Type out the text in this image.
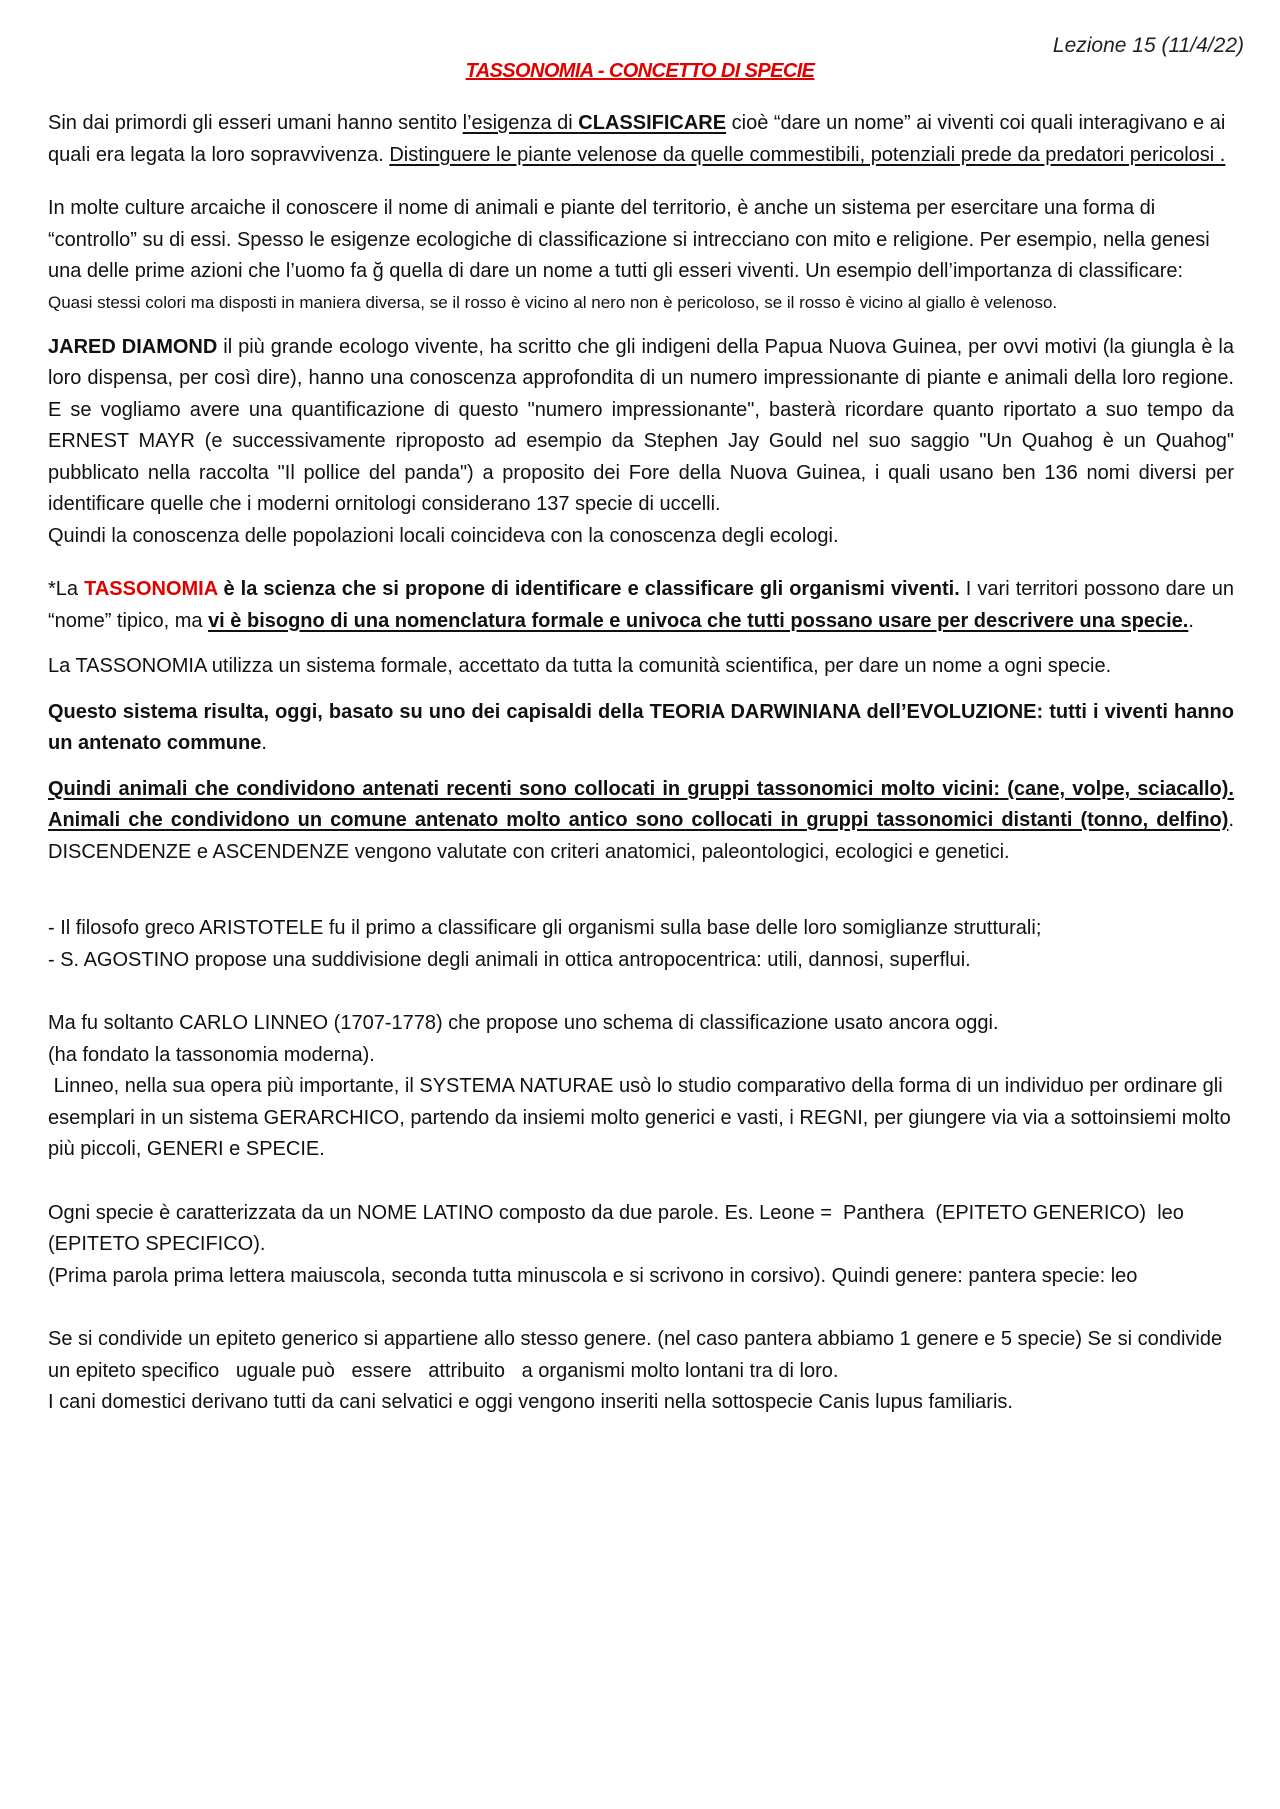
Lezione 15 (11/4/22)
TASSONOMIA - CONCETTO DI SPECIE

Sin dai primordi gli esseri umani hanno sentito l’esigenza di CLASSIFICARE cioè “dare un nome” ai viventi coi quali interagivano e ai quali era legata la loro sopravvivenza. Distinguere le piante velenose da quelle commestibili, potenziali prede da predatori pericolosi .

In molte culture arcaiche il conoscere il nome di animali e piante del territorio, è anche un sistema per esercitare una forma di “controllo” su di essi. Spesso le esigenze ecologiche di classificazione si intrecciano con mito e religione. Per esempio, nella genesi una delle prime azioni che l’uomo fa ğ quella di dare un nome a tutti gli esseri viventi. Un esempio dell’importanza di classificare:

Quasi stessi colori ma disposti in maniera diversa, se il rosso è vicino al nero non è pericoloso, se il rosso è vicino al giallo è velenoso.

JARED DIAMOND il più grande ecologo vivente, ha scritto che gli indigeni della Papua Nuova Guinea, per ovvi motivi (la giungla è la loro dispensa, per così dire), hanno una conoscenza approfondita di un numero impressionante di piante e animali della loro regione. E se vogliamo avere una quantificazione di questo "numero impressionante", basterà ricordare quanto riportato a suo tempo da ERNEST MAYR (e successivamente riproposto ad esempio da Stephen Jay Gould nel suo saggio "Un Quahog è un Quahog" pubblicato nella raccolta "Il pollice del panda") a proposito dei Fore della Nuova Guinea, i quali usano ben 136 nomi diversi per identificare quelle che i moderni ornitologi considerano 137 specie di uccelli.
Quindi la conoscenza delle popolazioni locali coincideva con la conoscenza degli ecologi.

*La TASSONOMIA è la scienza che si propone di identificare e classificare gli organismi viventi. I vari territori possono dare un “nome” tipico, ma vi è bisogno di una nomenclatura formale e univoca che tutti possano usare per descrivere una specie..

La TASSONOMIA utilizza un sistema formale, accettato da tutta la comunità scientifica, per dare un nome a ogni specie.

Questo sistema risulta, oggi, basato su uno dei capisaldi della TEORIA DARWINIANA dell’EVOLUZIONE: tutti i viventi hanno un antenato commune.

Quindi animali che condividono antenati recenti sono collocati in gruppi tassonomici molto vicini: (cane, volpe, sciacallo). Animali che condividono un comune antenato molto antico sono collocati in gruppi tassonomici distanti (tonno, delfino). DISCENDENZE e ASCENDENZE vengono valutate con criteri anatomici, paleontologici, ecologici e genetici.

- Il filosofo greco ARISTOTELE fu il primo a classificare gli organismi sulla base delle loro somiglianze strutturali;
- S. AGOSTINO propose una suddivisione degli animali in ottica antropocentrica: utili, dannosi, superflui.

Ma fu soltanto CARLO LINNEO (1707-1778) che propose uno schema di classificazione usato ancora oggi.
(ha fondato la tassonomia moderna).
Linneo, nella sua opera più importante, il SYSTEMA NATURAE usò lo studio comparativo della forma di un individuo per ordinare gli esemplari in un sistema GERARCHICO, partendo da insiemi molto generici e vasti, i REGNI, per giungere via via a sottoinsiemi molto più piccoli, GENERI e SPECIE.

Ogni specie è caratterizzata da un NOME LATINO composto da due parole. Es. Leone =  Panthera  (EPITETO GENERICO)  leo  (EPITETO SPECIFICO).
(Prima parola prima lettera maiuscola, seconda tutta minuscola e si scrivono in corsivo). Quindi genere: pantera specie: leo

Se si condivide un epiteto generico si appartiene allo stesso genere. (nel caso pantera abbiamo 1 genere e 5 specie) Se si condivide un epiteto specifico   uguale può   essere   attribuito   a organismi molto lontani tra di loro.
I cani domestici derivano tutti da cani selvatici e oggi vengono inseriti nella sottospecie Canis lupus familiaris.
